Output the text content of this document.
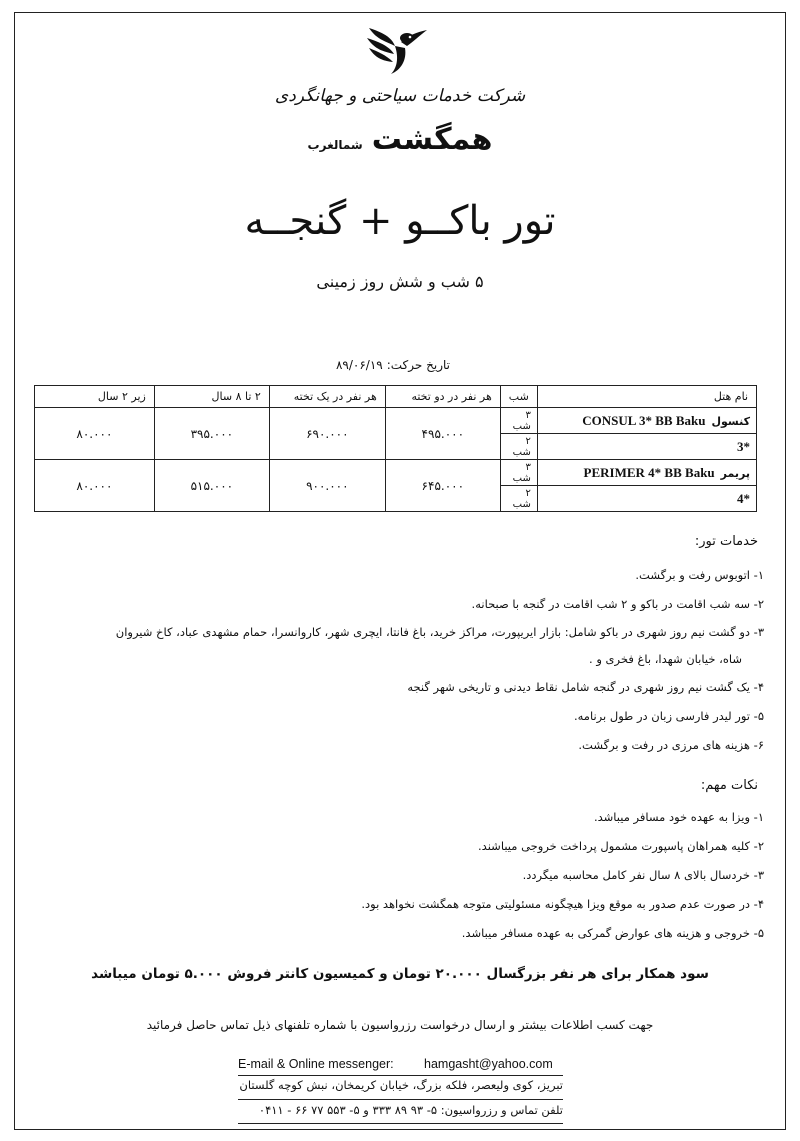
شرکت خدمات سیاحتی و جهانگردی
همگشت شمالغرب
تور باکــو + گنجــه
۵ شب و شش روز زمینی
تاریخ حرکت:۸۹/۰۶/۱۹
نام هتل	شب	هر نفر در دو تخته	هر نفر در یک تخته	۲ تا ۸ سال	زیر ۲ سال
کنسولCONSUL 3* BB Baku	۳ شب	۴۹۵.۰۰۰	۶۹۰.۰۰۰	۳۹۵.۰۰۰	۸۰.۰۰۰
3*	۲ شب				
پریمرPERIMER 4* BB Baku	۳ شب	۶۴۵.۰۰۰	۹۰۰.۰۰۰	۵۱۵.۰۰۰	۸۰.۰۰۰
4*	۲ شب				
خدمات تور:
۱- اتوبوس رفت و برگشت.
۲- سه شب اقامت در باکو و ۲ شب اقامت در گنجه با صبحانه.
۳- دو گشت نیم روز شهری در باکو شامل: بازار ایریپورت، مراکز خرید، باغ فانتا، ایچری شهر، کاروانسرا، حمام مشهدی عباد، کاخ شیروان
شاه، خیابان شهدا، باغ فخری و .
۴- یک گشت نیم روز شهری در گنجه شامل نقاط دیدنی و تاریخی شهر گنجه
۵- تور لیدر فارسی زبان در طول برنامه.
۶- هزینه های مرزی در رفت و برگشت.
نکات مهم:
۱- ویزا به عهده خود مسافر میباشد.
۲- کلیه همراهان پاسپورت مشمول پرداخت خروجی میباشند.
۳- خردسال بالای ۸ سال نفر کامل محاسبه میگردد.
۴- در صورت عدم صدور به موقع ویزا هیچگونه مسئولیتی متوجه همگشت نخواهد بود.
۵- خروجی و هزینه های عوارض گمرکی به عهده مسافر میباشد.
سود همکار برای هر نفر بزرگسال ۲۰.۰۰۰ تومان و کمیسیون کانتر فروش ۵.۰۰۰ تومان میباشد
جهت کسب اطلاعات بیشتر و ارسال درخواست رزرواسیون با شماره تلفنهای ذیل تماس حاصل فرمائید
E-mail & Online messenger: hamgasht@yahoo.com
تبریز، کوی ولیعصر، فلکه بزرگ، خیابان کریمخان، نبش کوچه گلستان
تلفن تماس و رزرواسیون: ۵- ۹۳ ۸۹ ۳۳۳ و ۵- ۵۵۳ ۷۷ ۶۶ - ۰۴۱۱
